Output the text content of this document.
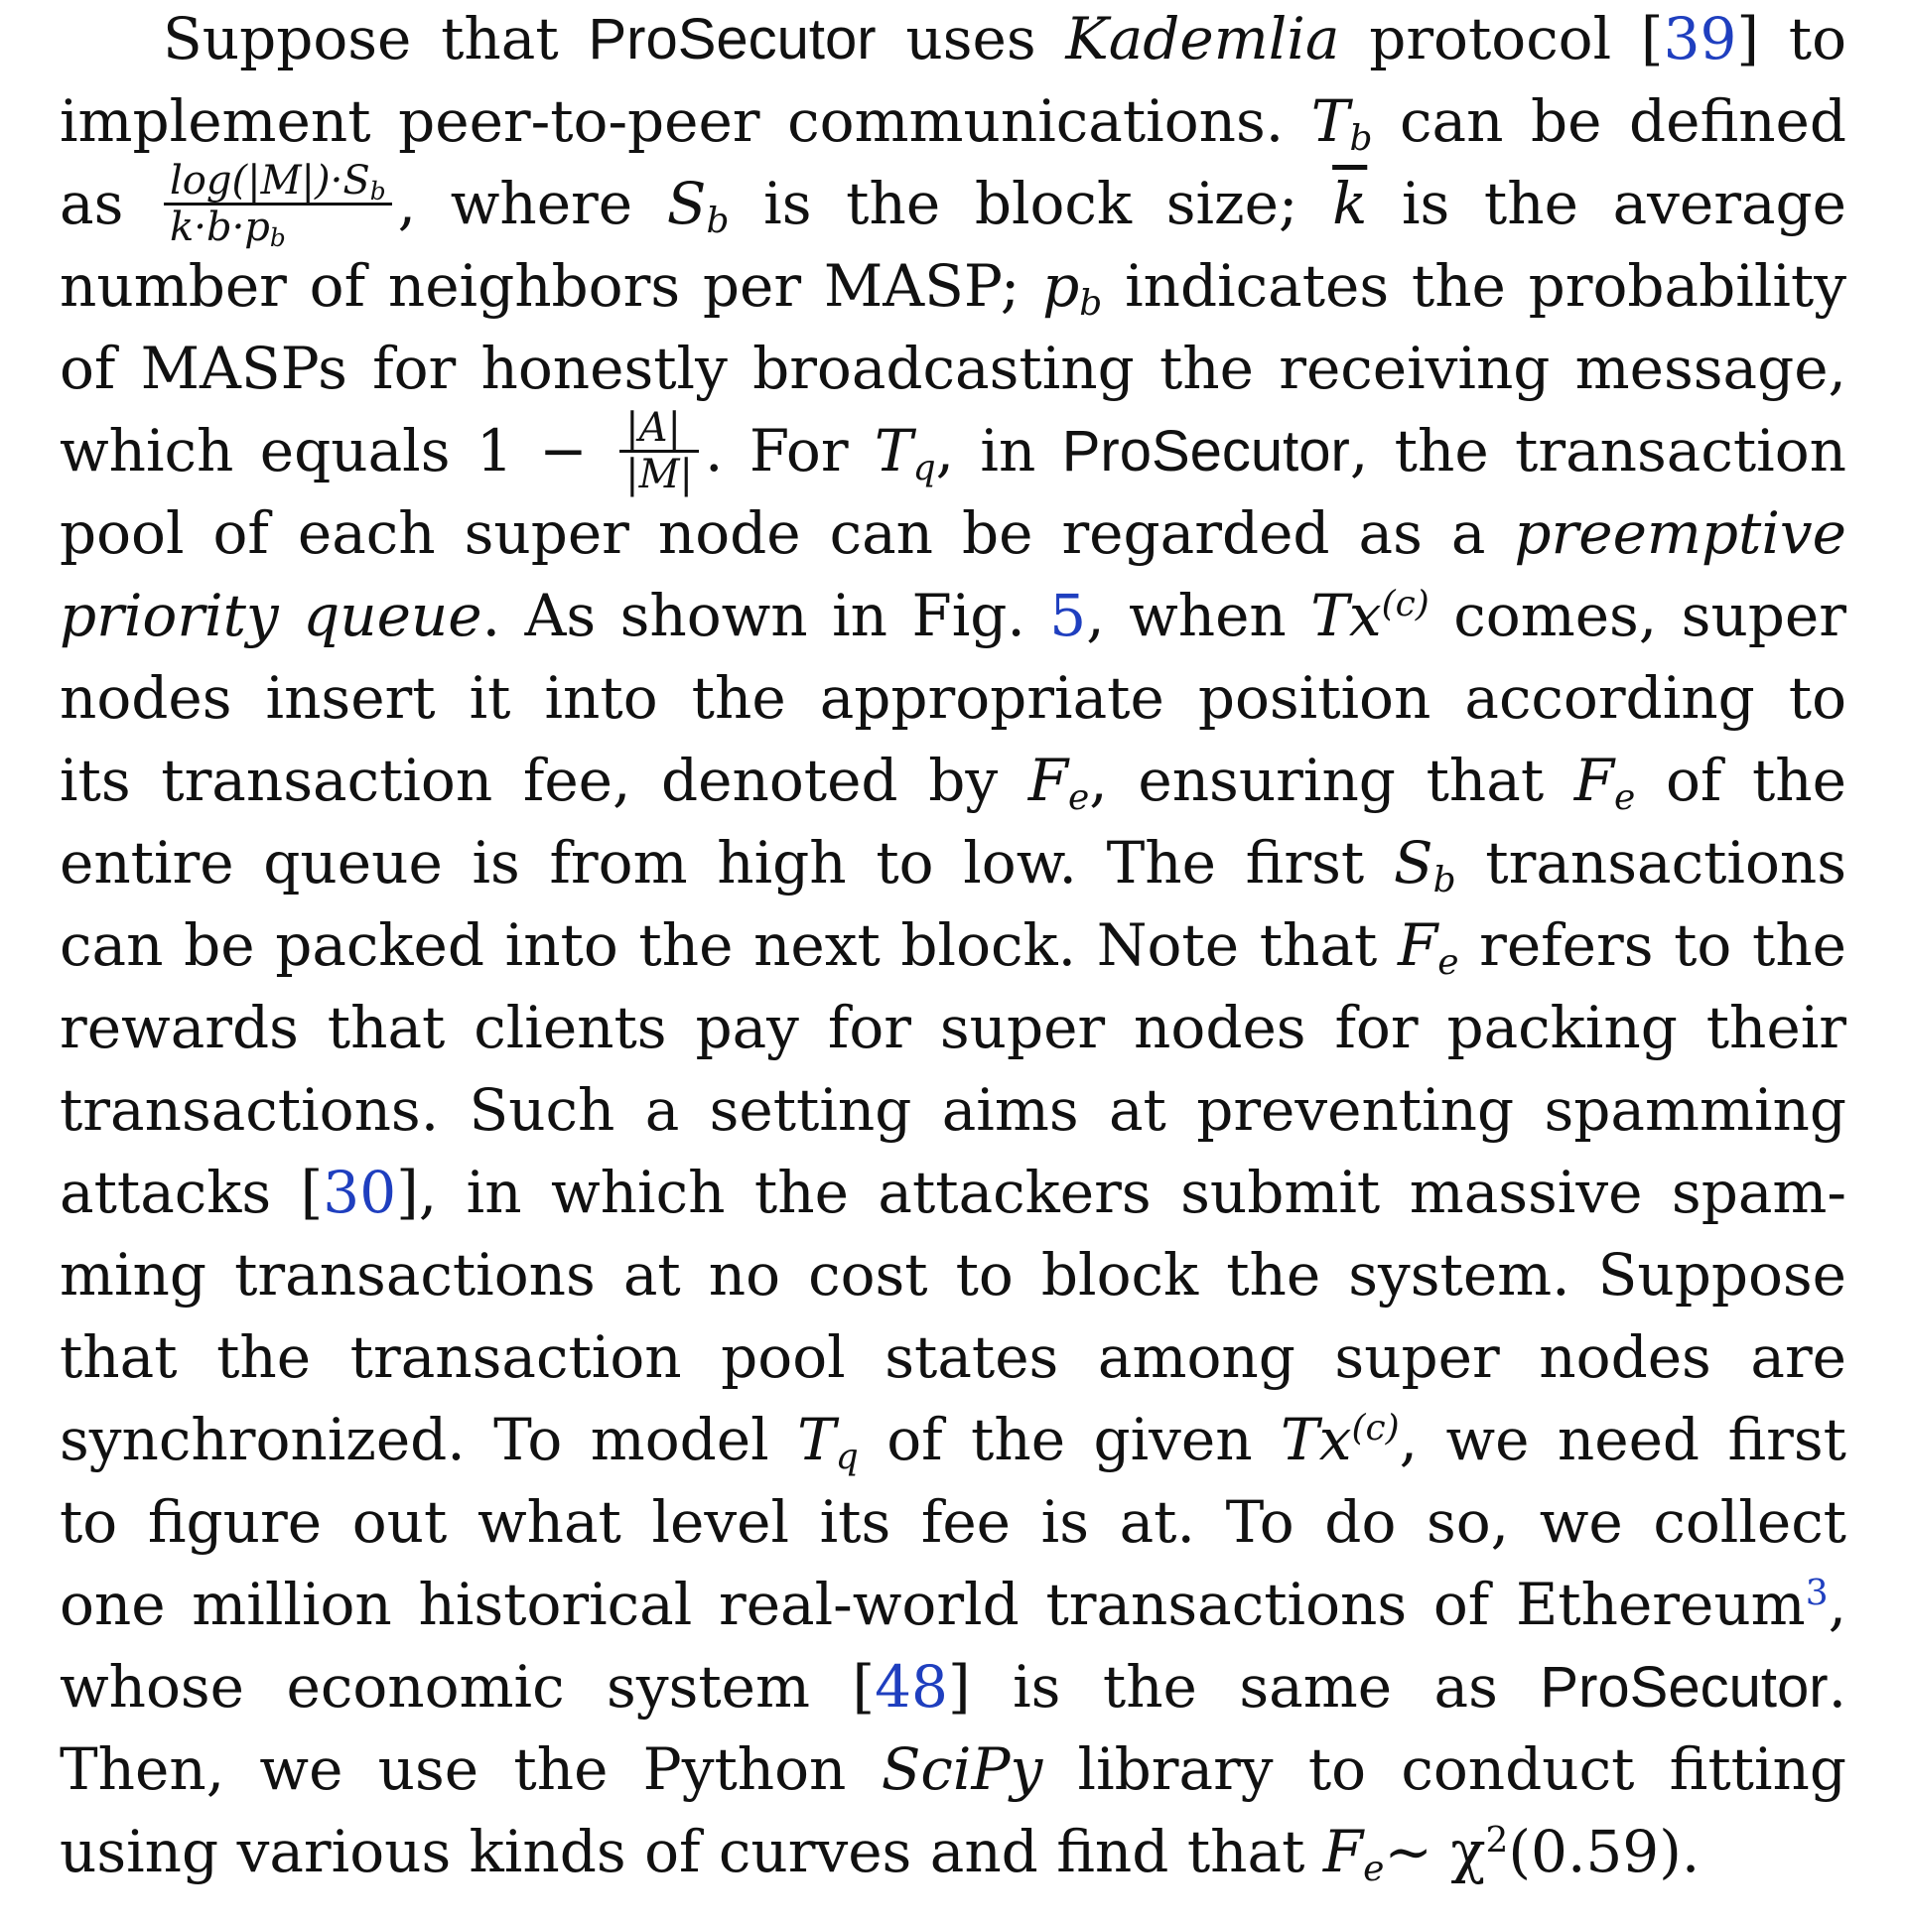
Suppose that ProSecutor uses Kademlia protocol [39] to
implement peer-to-peer communications. $T_b$ can be defined
as $\frac{\log(|M|)\cdot S_b}{k\cdot b\cdot p_b}$ , where $S_b$ is the block size; $\overline{k}$ is the average
number of neighbors per MASP; $p_b$ indicates the probability
of MASPs for honestly broadcasting the receiving message,
which equals $1 - \frac{|A|}{|M|}$ . For $T_q$, in ProSecutor, the transaction
pool of each super node can be regarded as a preemptive
priority queue. As shown in Fig. 5, when Tx$^{(c)}$ comes, super
nodes insert it into the appropriate position according to
its transaction fee, denoted by $F_e$, ensuring that $F_e$ of the
entire queue is from high to low. The first $S_b$ transactions
can be packed into the next block. Note that $F_e$ refers to the
rewards that clients pay for super nodes for packing their
transactions. Such a setting aims at preventing spamming
attacks [30], in which the attackers submit massive spam-
ming transactions at no cost to block the system. Suppose
that the transaction pool states among super nodes are
synchronized. To model $T_q$ of the given Tx$^{(c)}$, we need first
to figure out what level its fee is at. To do so, we collect
one million historical real-world transactions of Ethereum$^3$,
whose economic system [48] is the same as ProSecutor.
Then, we use the Python SciPy library to conduct fitting
using various kinds of curves and find that $F_e\sim$ $\chi^2(0.59)$.
